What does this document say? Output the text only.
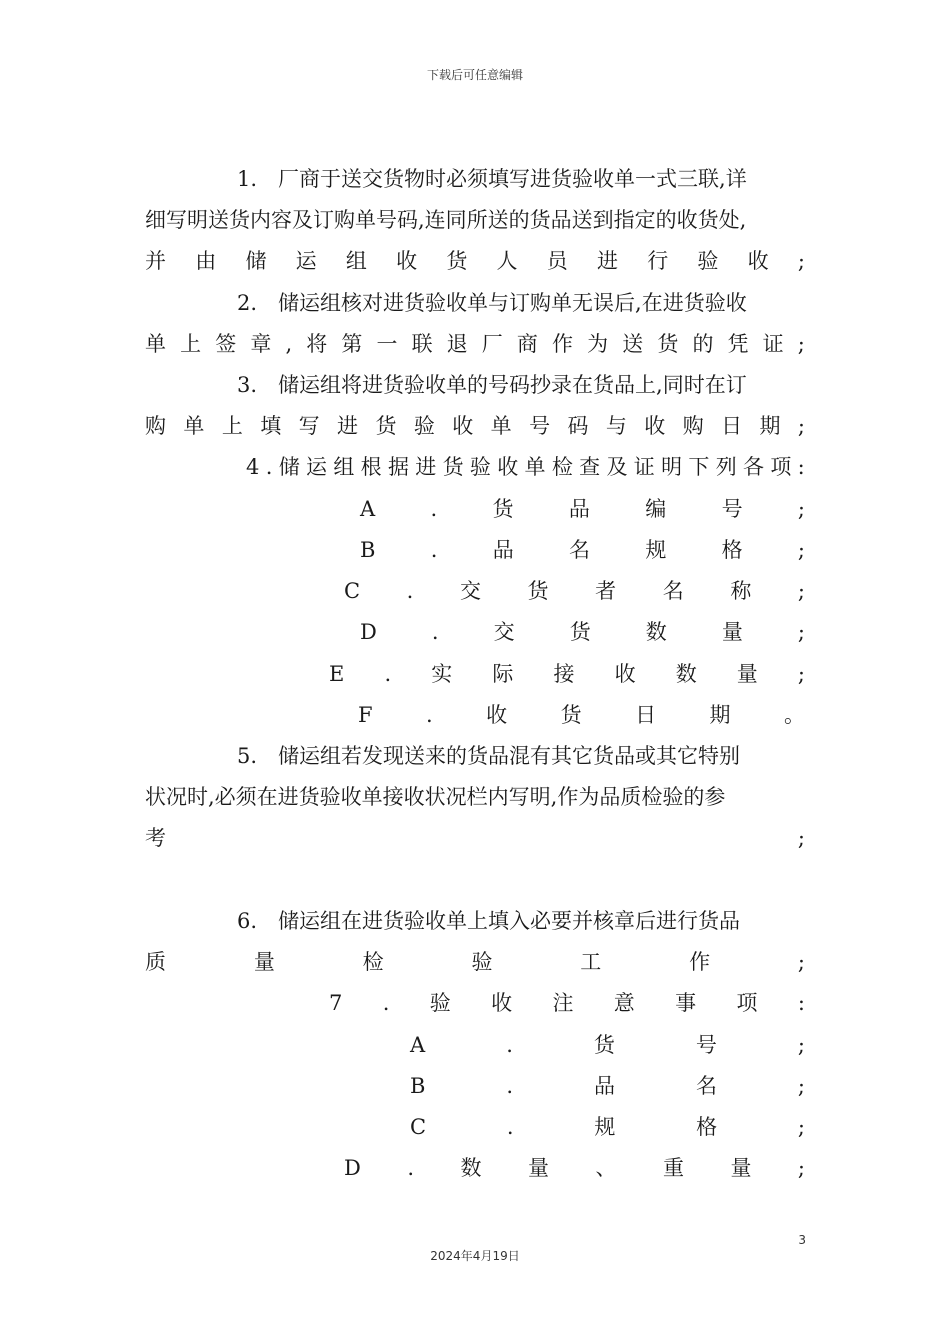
下载后可任意编辑
1.　厂商于送交货物时必须填写进货验收单一式三联,详
细写明送货内容及订购单号码,连同所送的货品送到指定的收货处,
并 由 储 运 组 收 货 人 员 进 行 验 收 ;
2.　储运组核对进货验收单与订购单无误后,在进货验收
单 上 签 章 , 将 第 一 联 退 厂 商 作 为 送 货 的 凭 证 ;
3.　储运组将进货验收单的号码抄录在货品上,同时在订
购 单 上 填 写 进 货 验 收 单 号 码 与 收 购 日 期 ;
4 . 储 运 组 根 据 进 货 验 收 单 检 查 及 证 明 下 列 各 项 :
A	.	货	品	编	号	;
B	.	品	名	规	格	;
C . 交 货 者 名 称 ;
D	.	交	货	数	量	;
E . 实 际 接 收 数 量 ;
F	.	收	货	日	期	。
5.　储运组若发现送来的货品混有其它货品或其它特别
状况时,必须在进货验收单接收状况栏内写明,作为品质检验的参
考	;
6.　储运组在进货验收单上填入必要并核章后进行货品
质	量	检	验	工	作	;
7 . 验 收 注 意 事 项 :
A	.	货	号	;
B	.	品	名	;
C	.	规	格	;
D . 数 量 、 重 量 ;
3
2024年4月19日
